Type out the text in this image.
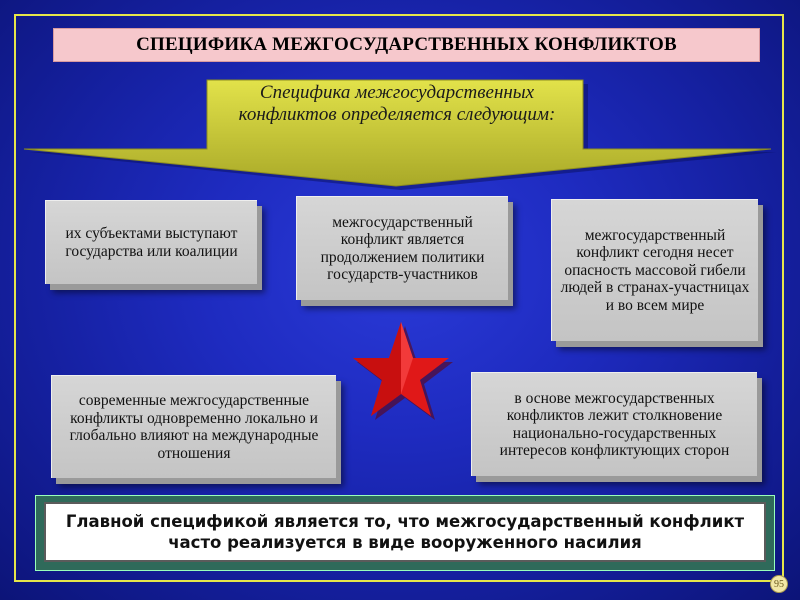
СПЕЦИФИКА МЕЖГОСУДАРСТВЕННЫХ КОНФЛИКТОВ
Специфика межгосударственных конфликтов определяется следующим:
их субъектами выступают государства или коалиции
межгосударственный конфликт является продолжением политики государств-участников
межгосударственный конфликт сегодня несет опасность массовой гибели людей в странах-участницах и во всем мире
современные межгосударственные конфликты одновременно локально и глобально влияют на международные отношения
в основе межгосударственных конфликтов лежит столкновение национально-государственных интересов конфликтующих сторон
Главной спецификой является то, что межгосударственный конфликт часто реализуется в виде вооруженного насилия
95
